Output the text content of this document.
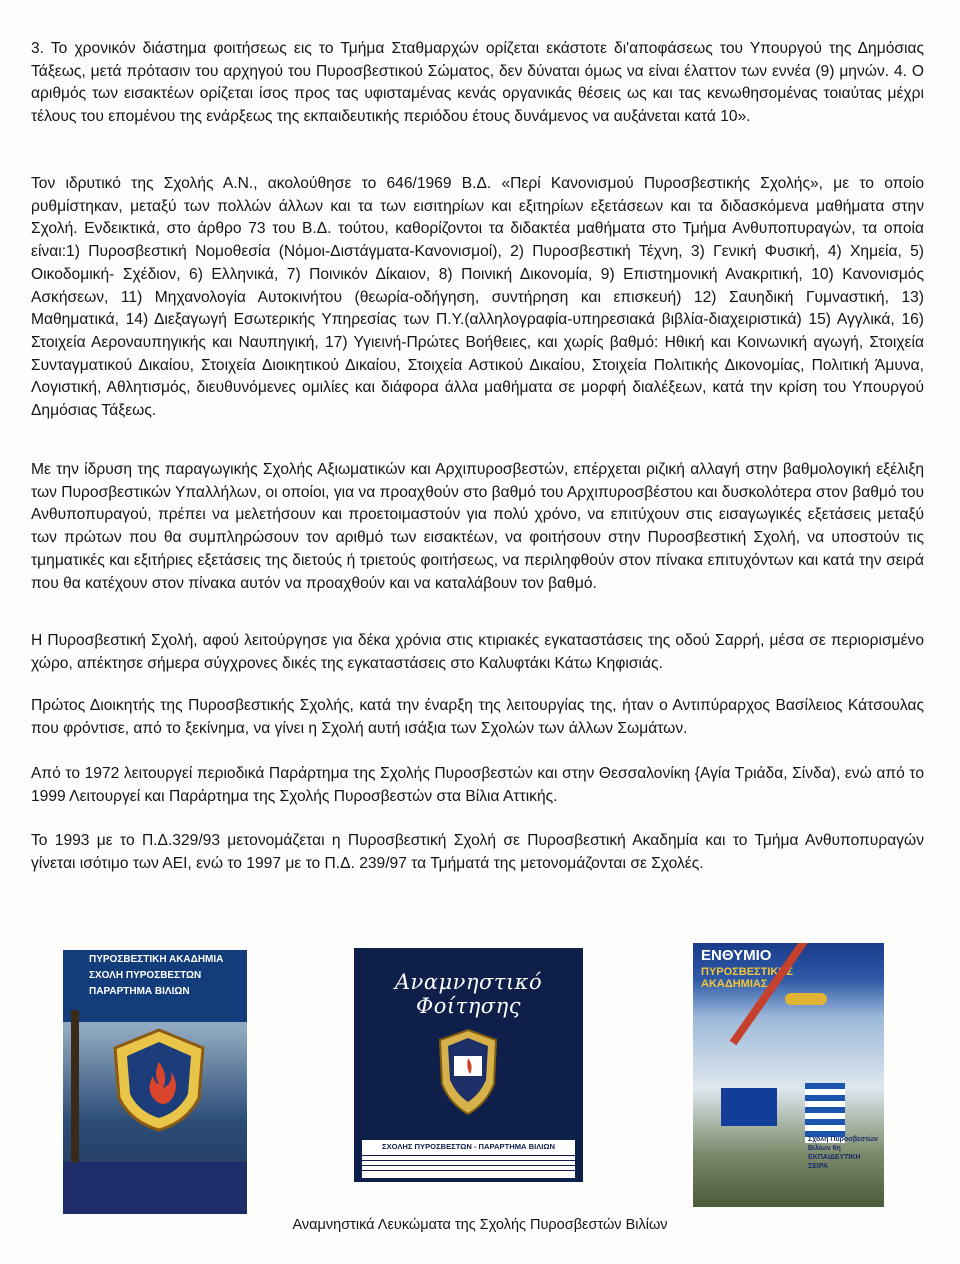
3. Το χρονικόν διάστημα φοιτήσεως εις το Τμήμα Σταθμαρχών ορίζεται εκάστοτε δι'αποφάσεως του Υπουργού της Δημόσιας Τάξεως, μετά πρότασιν του αρχηγού του Πυροσβεστικού Σώματος, δεν δύναται όμως να είναι έλαττον των εννέα (9) μηνών. 4. Ο αριθμός των εισακτέων ορίζεται ίσος προς τας υφισταμένας κενάς οργανικάς θέσεις ως και τας κενωθησομένας τοιαύτας μέχρι τέλους του επομένου της ενάρξεως της εκπαιδευτικής περιόδου έτους δυνάμενος να αυξάνεται κατά 10».

Τον ιδρυτικό της Σχολής Α.Ν., ακολούθησε το 646/1969 Β.Δ. «Περί Κανονισμού Πυροσβεστικής Σχολής», με το οποίο ρυθμίστηκαν, μεταξύ των πολλών άλλων και τα των εισιτηρίων και εξιτηρίων εξετάσεων και τα διδασκόμενα μαθήματα στην Σχολή. Ενδεικτικά, στο άρθρο 73 του Β.Δ. τούτου, καθορίζοντοι τα διδακτέα μαθήματα στο Τμήμα Ανθυποπυραγών, τα οποία είναι:1) Πυροσβεστική Νομοθεσία (Νόμοι-Διστάγματα-Κανονισμοί), 2) Πυροσβεστική Τέχνη, 3) Γενική Φυσική, 4) Χημεία, 5) Οικοδομική- Σχέδιον, 6) Ελληνικά, 7) Ποινικόν Δίκαιον, 8) Ποινική Δικονομία, 9) Επιστημονική Ανακριτική, 10) Κανονισμός Ασκήσεων, 11) Μηχανολογία Αυτοκινήτου (θεωρία-οδήγηση, συντήρηση και επισκευή) 12) Σαυηδική Γυμναστική, 13) Μαθηματικά, 14) Διεξαγωγή Εσωτερικής Υπηρεσίας των Π.Υ.(αλληλογραφία-υπηρεσιακά βιβλία-διαχειριστικά) 15) Αγγλικά, 16) Στοιχεία Αεροναυπηγικής και Ναυπηγική, 17) Υγιεινή-Πρώτες Βοήθειες, και χωρίς βαθμό: Ηθική και Κοινωνική αγωγή, Στοιχεία Συνταγματικού Δικαίου, Στοιχεία Διοικητικού Δικαίου, Στοιχεία Αστικού Δικαίου, Στοιχεία Πολιτικής Δικονομίας, Πολιτική Άμυνα, Λογιστική, Αθλητισμός, διευθυνόμενες ομιλίες και διάφορα άλλα μαθήματα σε μορφή διαλέξεων, κατά την κρίση του Υπουργού Δημόσιας Τάξεως.

Με την ίδρυση της παραγωγικής Σχολής Αξιωματικών και Αρχιπυροσβεστών, επέρχεται ριζική αλλαγή στην βαθμολογική εξέλιξη των Πυροσβεστικών Υπαλλήλων, οι οποίοι, για να προαχθούν στο βαθμό του Αρχιπυροσβέστου και δυσκολότερα στον βαθμό του Ανθυποπυραγού, πρέπει να μελετήσουν και προετοιμαστούν για πολύ χρόνο, να επιτύχουν στις εισαγωγικές εξετάσεις μεταξύ των πρώτων που θα συμπληρώσουν τον αριθμό των εισακτέων, να φοιτήσουν στην Πυροσβεστική Σχολή, να υποστούν τις τμηματικές και εξιτήριες εξετάσεις της διετούς ή τριετούς φοιτήσεως, να περιληφθούν στον πίνακα επιτυχόντων και κατά την σειρά που θα κατέχουν στον πίνακα αυτόν να προαχθούν και να καταλάβουν τον βαθμό.

Η Πυροσβεστική Σχολή, αφού λειτούργησε για δέκα χρόνια στις κτιριακές εγκαταστάσεις της οδού Σαρρή, μέσα σε περιορισμένο χώρο, απέκτησε σήμερα σύγχρονες δικές της εγκαταστάσεις στο Καλυφτάκι Κάτω Κηφισιάς.

Πρώτος Διοικητής της Πυροσβεστικής Σχολής, κατά την έναρξη της λειτουργίας της, ήταν ο Αντιπύραρχος Βασίλειος Κάτσουλας που φρόντισε, από το ξεκίνημα, να γίνει η Σχολή αυτή ισάξια των Σχολών των άλλων Σωμάτων.

Από το 1972 λειτουργεί περιοδικά Παράρτημα της Σχολής Πυροσβεστών και στην Θεσσαλονίκη {Αγία Τριάδα, Σίνδα), ενώ από το 1999 Λειτουργεί και Παράρτημα της Σχολής Πυροσβεστών στα Βίλια Αττικής.

Το 1993 με το Π.Δ.329/93 μετονομάζεται η Πυροσβεστική Σχολή σε Πυροσβεστική Ακαδημία και το Τμήμα Ανθυποπυραγών γίνεται ισότιμο των ΑΕΙ, ενώ το 1997 με το Π.Δ. 239/97 τα Τμήματά της μετονομάζονται σε Σχολές.

ΠΥΡΟΣΒΕΣΤΙΚΗ ΑΚΑΔΗΜΙΑ
ΣΧΟΛΗ ΠΥΡΟΣΒΕΣΤΩΝ
ΠΑΡΑΡΤΗΜΑ ΒΙΛΙΩΝ	Αναμνηστικό Φοίτησης
ΣΧΟΛΗΣ ΠΥΡΟΣΒΕΣΤΩΝ - ΠΑΡΑΡΤΗΜΑ ΒΙΛΙΩΝ
ΕΝΘΥΜΙΟ
ΠΥΡΟΣΒΕΣΤΙΚΗΣ
ΑΚΑΔΗΜΙΑΣ
Σχολή Πυροσβεστών Βιλίων 6η ΕΚΠΑΙΔΕΥΤΙΚΗ ΣΕΙΡΑ
Αναμνηστικά Λευκώματα της Σχολής Πυροσβεστών Βιλίων
